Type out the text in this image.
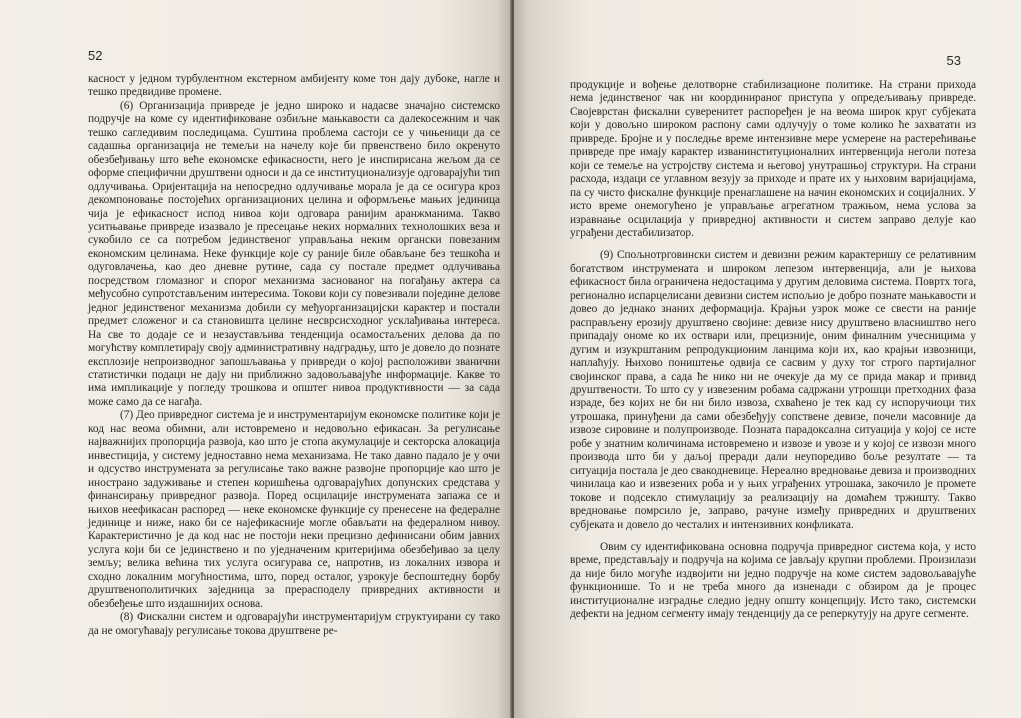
52

касност у једном турбулентном екстерном амбијенту коме тон дају дубоке, нагле и тешко предвидиве промене.

(6) Организација привреде је једно широко и надасве значајно системско подручје на коме су идентификоване озбиљне мањкавости са далекосежним и чак тешко сагледивим последицама. Суштина проблема састоји се у чињеници да се садашња организација не темељи на начелу које би првенствено било окренуто обезбеђивању што веће економске ефикасности, него је инспирисана жељом да се оформе специфични друштвени односи и да се институционализује одговарајући тип одлучивања. Оријентација на непосредно одлучивање морала је да се осигура кроз декомпоновање постојећих организационих целина и оформљење мањих јединица чија је ефикасност испод нивоа који одговара ранијим аранжманима. Такво уситњавање привреде изазвало је пресецање неких нормалних технолошких веза и сукобило се са потребом јединственог управљања неким органски повезаним економским целинама. Неке функције које су раније биле обављане без тешкоћа и одуговлачења, као део дневне рутине, сада су постале предмет одлучивања посредством гломазног и спорог механизма заснованог на погађању актера са међусобно супротстављеним интересима. Токови који су повезивали поједине делове једног јединственог механизма добили су међуорганизацијски карактер и постали предмет сложеног и са становишта целине несврсисходног усклађивања интереса. На све то додаје се и незаустављива тенденција осамостаљених делова да по могућству комплетирају своју административну надградњу, што је довело до познате експлозије непроизводног запошљавања у привреди о којој расположиви званични статистички подаци не дају ни приближно задовољавајуће информације. Какве то има импликације у погледу трошкова и општег нивоа продуктивности — за сада може само да се нагађа.

(7) Део привредног система је и инструментаријум економске политике који је код нас веома обимни, али истовремено и недовољно ефикасан. За регулисање најважнијих пропорција развоја, као што је стопа акумулације и секторска алокација инвестиција, у систему једноставно нема механизама. Не тако давно падало је у очи и одсуство инструмената за регулисање тако важне развојне пропорције као што је иностранo задуживање и степен коришћења одговарајућих допунских средстава у финансирању привредног развоја. Поред осцилације инструмената запажа се и њихов неефикасан распоред — неке економске функције су пренесене на федералне јединице и ниже, иако би се најефикасније могле обављати на федералном нивоу. Карактеристично је да код нас не постоји неки прецизно дефинисани обим јавних услуга који би се јединствено и по уједначеним критеријима обезбеђивао за целу земљу; велика већина тих услуга осигурава се, напротив, из локалних извора и сходно локалним могућностима, што, поред осталог, узрокује беспоштедну борбу друштвенополитичких заједница за прерасподелу привредних активности и обезбеђење што издашнијих основа.

(8) Фискални систем и одговарајући инструментаријум структуирани су тако да не омогућавају регулисање токова друштвене ре-

53

продукције и вођење делотворне стабилизационе политике. На страни прихода нема јединственог чак ни координираног приступа у опредељивању привреде. Својеврстан фискални суверенитет распоређен је на веома широк круг субјеката који у довољно широком распону сами одлучују о томе колико ће захватати из привреде. Бројне и у последње време интензивне мере усмерене на растерећивање привреде пре имају карактер изванинституционалних интервенција неголи потеза који се темеље на устројству система и његовој унутрашњој структури. На страни расхода, издаци се углавном везују за приходе и прате их у њиховим варијацијама, па су чисто фискалне функције пренаглашене на начин економских и социјалних. У исто време онемогућено је управљање агрегатном тражњом, нема услова за изравнање осцилација у привредној активности и систем заправо делује као уграђени дестабилизатор.

(9) Спољнотрговински систем и девизни режим карактеришу се релативним богатством инструмената и широком лепезом интервенција, али је њихова ефикасност била ограничена недостацима у другим деловима система. Повртх тога, регионално испарцелисани девизни систем испољио је добро познате мањкавости и довео до једнако знаних деформација. Крајњи узрок може се свести на раније распрaвљену ерозију друштвено својине: девизе нису друштвено власништво него припадају ономе ко их оствари или, прецизније, оним финалним учесницима у дугим и изукрштаним репродукционим ланцима који их, као крајњи извозници, наплаћују. Њихово поништење одвија се сасвим у духу тог строго партијалног својинског права, а сада ће нико ни не очекује да му се прида макар и привид друштвености. То што су у извезеним робама садржани утрошци претходних фаза израде, без којих не би ни било извоза, схваћено је тек кад су испоручиоци тих утрошака, принуђени да сами обезбеђују сопствене девизе, почели масовније да извозе сировине и полупроизводе. Позната парадоксална ситуација у којој се исте робе у знатним количинама истовремено и извозе и увозе и у којој се извози много производа што би у даљој преради дали неупоредиво боље резултате — та ситуација постала је део свакодневице. Нереално вредновање девиза и производних чинилаца као и извезених роба и у њих уграђених утрошака, закочило је промете токове и подсекло стимулацију за реализацију на домаћем тржишту. Такво вредновање помрсило је, заправо, рачуне између привредних и друштвених субјеката и довело до честалих и интензивних конфликата.

Овим су идентификована основна подручја привредног система која, у исто време, представљају и подручја на којима се јављају крупни проблеми. Произилази да није било могуће издвојити ни једно подручје на коме систем задовољавајуће функционише. То и не треба много да изненади с обзиром да је процес институционалне изградње следио једну општу концепцију. Исто тако, системски дефекти на једном сегменту имају тенденцију да се реперкутују на друге сегменте.
